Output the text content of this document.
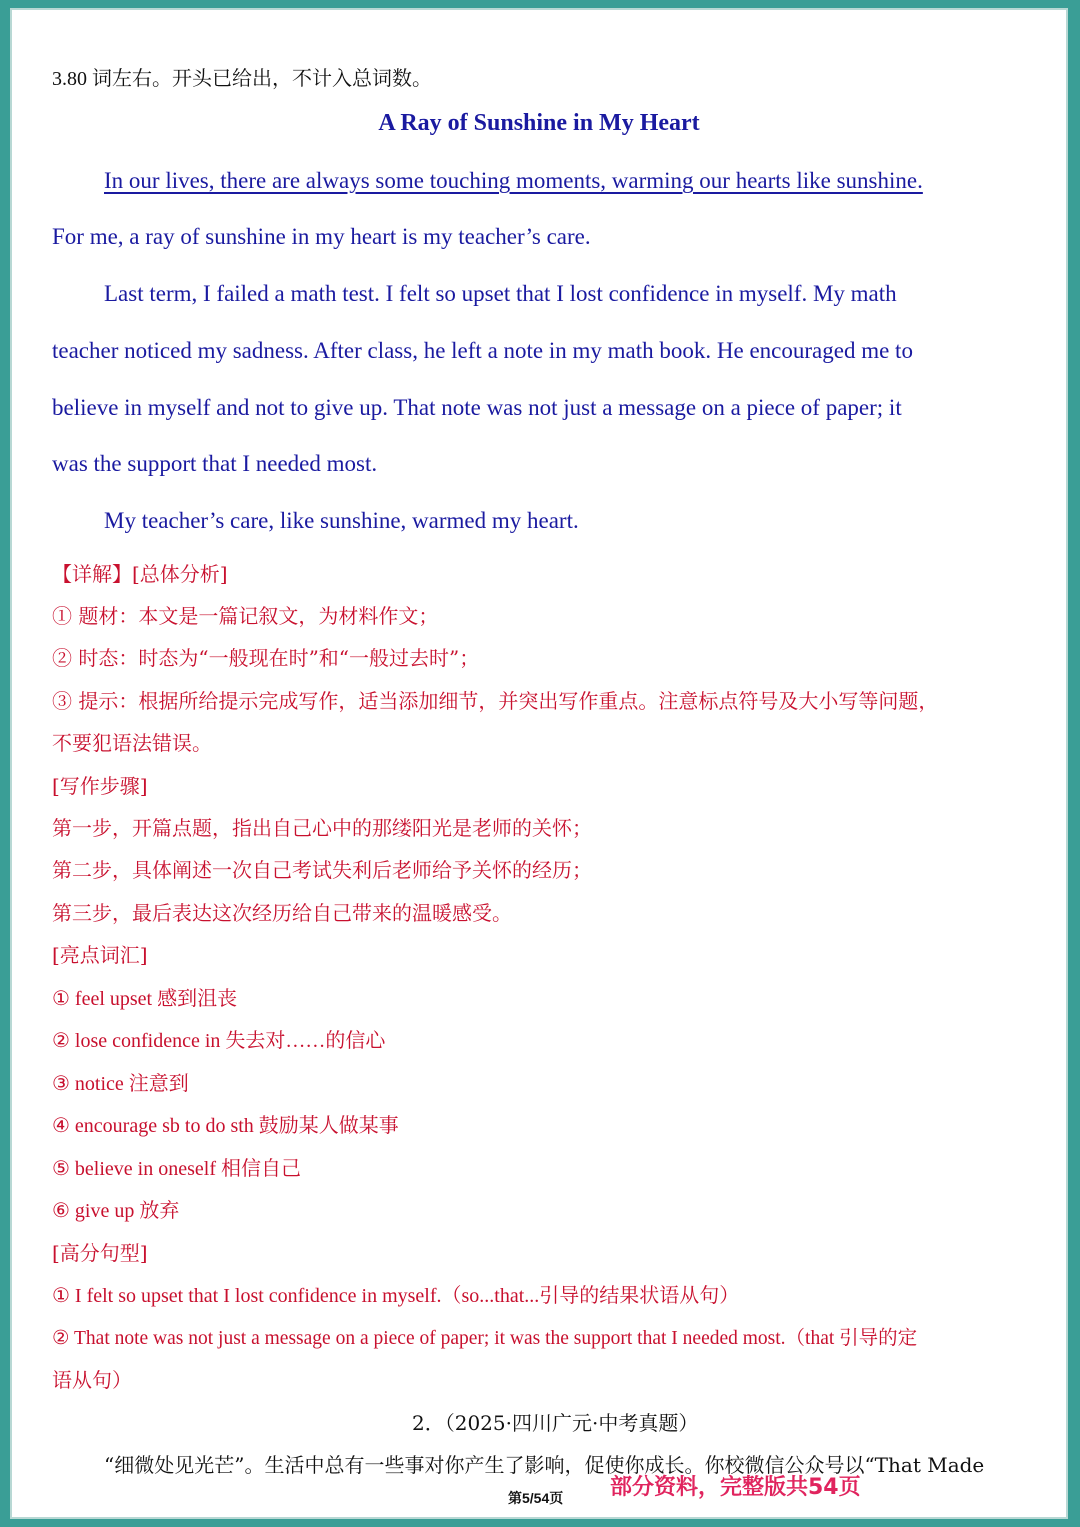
3.80 词左右。开头已给出，不计入总词数。
A Ray of Sunshine in My Heart
In our lives, there are always some touching moments, warming our hearts like sunshine.
For me, a ray of sunshine in my heart is my teacher’s care.
Last term, I failed a math test. I felt so upset that I lost confidence in myself. My math
teacher noticed my sadness. After class, he left a note in my math book. He encouraged me to
believe in myself and not to give up. That note was not just a message on a piece of paper; it
was the support that I needed most.
My teacher’s care, like sunshine, warmed my heart.
【详解】[总体分析]
① 题材：本文是一篇记叙文，为材料作文；
② 时态：时态为“一般现在时”和“一般过去时”；
③ 提示：根据所给提示完成写作，适当添加细节，并突出写作重点。注意标点符号及大小写等问题，
不要犯语法错误。
[写作步骤]
第一步，开篇点题，指出自己心中的那缕阳光是老师的关怀；
第二步，具体阐述一次自己考试失利后老师给予关怀的经历；
第三步，最后表达这次经历给自己带来的温暖感受。
[亮点词汇]
① feel upset 感到沮丧
② lose confidence in 失去对……的信心
③ notice 注意到
④ encourage sb to do sth 鼓励某人做某事
⑤ believe in oneself 相信自己
⑥ give up 放弃
[高分句型]
① I felt so upset that I lost confidence in myself.（so...that...引导的结果状语从句）
② That note was not just a message on a piece of paper; it was the support that I needed most.（that 引导的定
语从句）
2．（2025·四川广元·中考真题）
“细微处见光芒”。生活中总有一些事对你产生了影响，促使你成长。你校微信公众号以“That Made
第5/54页 部分资料，完整版共54页
